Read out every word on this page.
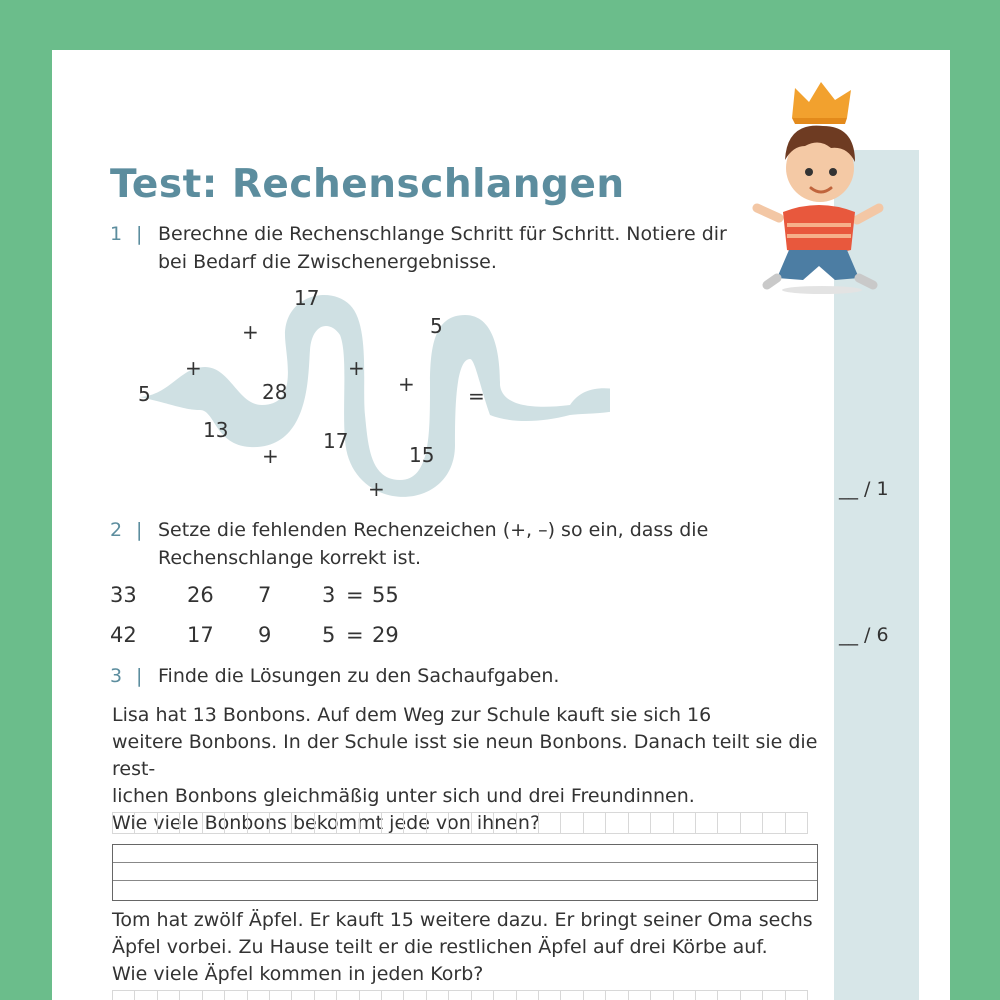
Test: Rechenschlangen
1 | Berechne die Rechenschlange Schritt für Schritt. Notiere dir bei Bedarf die Zwischenergebnisse.
5
+
13
+
28
+
17
+
17
+
15
+
5
=
__ / 1
2 | Setze die fehlenden Rechenzeichen (+, –) so ein, dass die Rechenschlange korrekt ist.
33 26 7 3 = 55
42 17 9 5 = 29	__ / 6
3 | Finde die Lösungen zu den Sachaufgaben.
Lisa hat 13 Bonbons. Auf dem Weg zur Schule kauft sie sich 16
weitere Bonbons. In der Schule isst sie neun Bonbons. Danach teilt sie die rest-
lichen Bonbons gleichmäßig unter sich und drei Freundinnen.
Wie viele Bonbons bekommt jede von ihnen?
Tom hat zwölf Äpfel. Er kauft 15 weitere dazu. Er bringt seiner Oma sechs
Äpfel vorbei. Zu Hause teilt er die restlichen Äpfel auf drei Körbe auf.
Wie viele Äpfel kommen in jeden Korb?
